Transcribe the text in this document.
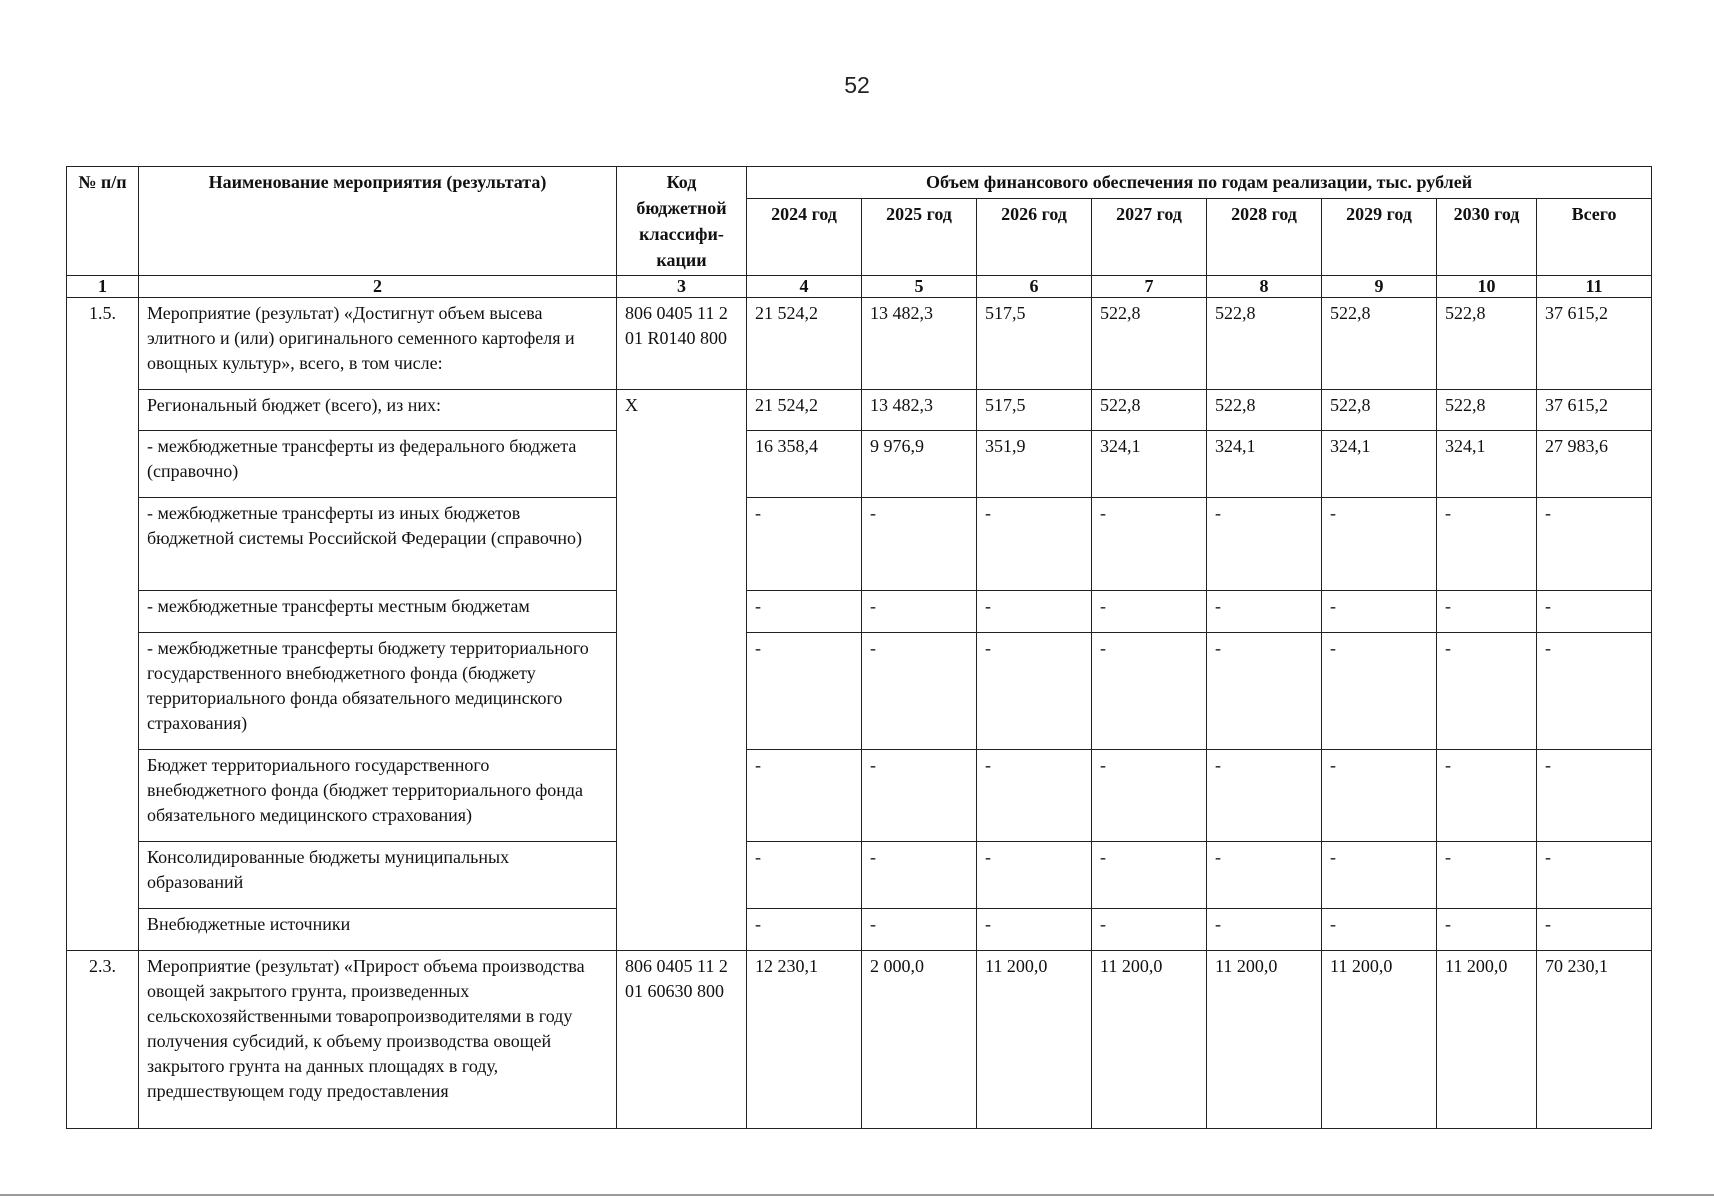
52
№ п/п	Наименование мероприятия (результата)	Код бюджетной классифи-кации	Объем финансового обеспечения по годам реализации, тыс. рублей							
			2024 год	2025 год	2026 год	2027 год	2028 год	2029 год	2030 год	Всего
1	2	3	4	5	6	7	8	9	10	11
1.5.	Мероприятие (результат) «Достигнут объем высева элитного и (или) оригинального семенного картофеля и овощных культур», всего, в том числе:	806 0405 11 2 01 R0140 800	21 524,2	13 482,3	517,5	522,8	522,8	522,8	522,8	37 615,2
	Региональный бюджет (всего), из них:	X	21 524,2	13 482,3	517,5	522,8	522,8	522,8	522,8	37 615,2
	- межбюджетные трансферты из федерального бюджета (справочно)		16 358,4	9 976,9	351,9	324,1	324,1	324,1	324,1	27 983,6
	- межбюджетные трансферты из иных бюджетов бюджетной системы Российской Федерации (справочно)		-	-	-	-	-	-	-	-
	- межбюджетные трансферты местным бюджетам		-	-	-	-	-	-	-	-
	- межбюджетные трансферты бюджету территориального государственного внебюджетного фонда (бюджету территориального фонда обязательного медицинского страхования)		-	-	-	-	-	-	-	-
	Бюджет территориального государственного внебюджетного фонда (бюджет территориального фонда обязательного медицинского страхования)		-	-	-	-	-	-	-	-
	Консолидированные бюджеты муниципальных образований		-	-	-	-	-	-	-	-
	Внебюджетные источники		-	-	-	-	-	-	-	-
2.3.	Мероприятие (результат) «Прирост объема производства овощей закрытого грунта, произведенных сельскохозяйственными товаропроизводителями в году получения субсидий, к объему производства овощей закрытого грунта на данных площадях в году, предшествующем году предоставления	806 0405 11 2 01 60630 800	12 230,1	2 000,0	11 200,0	11 200,0	11 200,0	11 200,0	11 200,0	70 230,1
